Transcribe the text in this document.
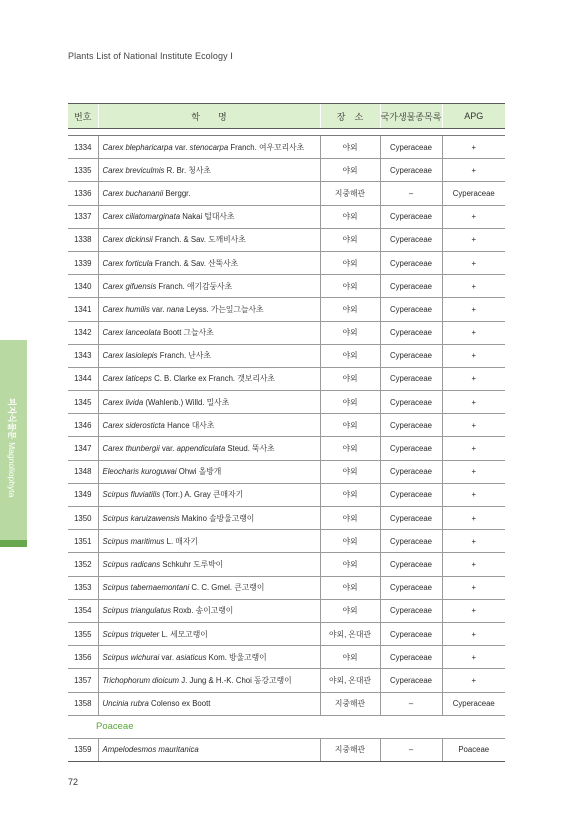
Plants List of National Institute Ecology Ⅰ
피자식물문Magnoliophyta
번호	학　　명	장　소	국가생물종목록	APG

1334	Carex blepharicarpa var. stenocarpa Franch. 여우꼬리사초	야외	Cyperaceae	+
1335	Carex breviculmis R. Br. 청사초	야외	Cyperaceae	+
1336	Carex buchananii Berggr.	지중해관	–	Cyperaceae
1337	Carex ciliatomarginata Nakai 털대사초	야외	Cyperaceae	+
1338	Carex dickinsii Franch. & Sav. 도깨비사초	야외	Cyperaceae	+
1339	Carex forticula Franch. & Sav. 산뚝사초	야외	Cyperaceae	+
1340	Carex gifuensis Franch. 애기감둥사초	야외	Cyperaceae	+
1341	Carex humilis var. nana Leyss. 가는잎그늘사초	야외	Cyperaceae	+
1342	Carex lanceolata Boott 그늘사초	야외	Cyperaceae	+
1343	Carex lasiolepis Franch. 난사초	야외	Cyperaceae	+
1344	Carex laticeps C. B. Clarke ex Franch. 갯보리사초	야외	Cyperaceae	+
1345	Carex livida (Wahlenb.) Willd. 밀사초	야외	Cyperaceae	+
1346	Carex siderosticta Hance 대사초	야외	Cyperaceae	+
1347	Carex thunbergii var. appendiculata Steud. 뚝사초	야외	Cyperaceae	+
1348	Eleocharis kuroguwai Ohwi 올방개	야외	Cyperaceae	+
1349	Scirpus fluviatilis (Torr.) A. Gray 큰매자기	야외	Cyperaceae	+
1350	Scirpus karuizawensis Makino 솔방울고랭이	야외	Cyperaceae	+
1351	Scirpus maritimus L. 매자기	야외	Cyperaceae	+
1352	Scirpus radicans Schkuhr 도루박이	야외	Cyperaceae	+
1353	Scirpus tabernaemontani C. C. Gmel. 큰고랭이	야외	Cyperaceae	+
1354	Scirpus triangulatus Roxb. 송이고랭이	야외	Cyperaceae	+
1355	Scirpus triqueter L. 세모고랭이	야외, 온대관	Cyperaceae	+
1356	Scirpus wichurai var. asiaticus Kom. 방울고랭이	야외	Cyperaceae	+
1357	Trichophorum dioicum J. Jung & H.-K. Choi 동강고랭이	야외, 온대관	Cyperaceae	+
1358	Uncinia rubra Colenso ex Boott	지중해관	–	Cyperaceae
Poaceae				
1359	Ampelodesmos mauritanica	지중해관	–	Poaceae
72
